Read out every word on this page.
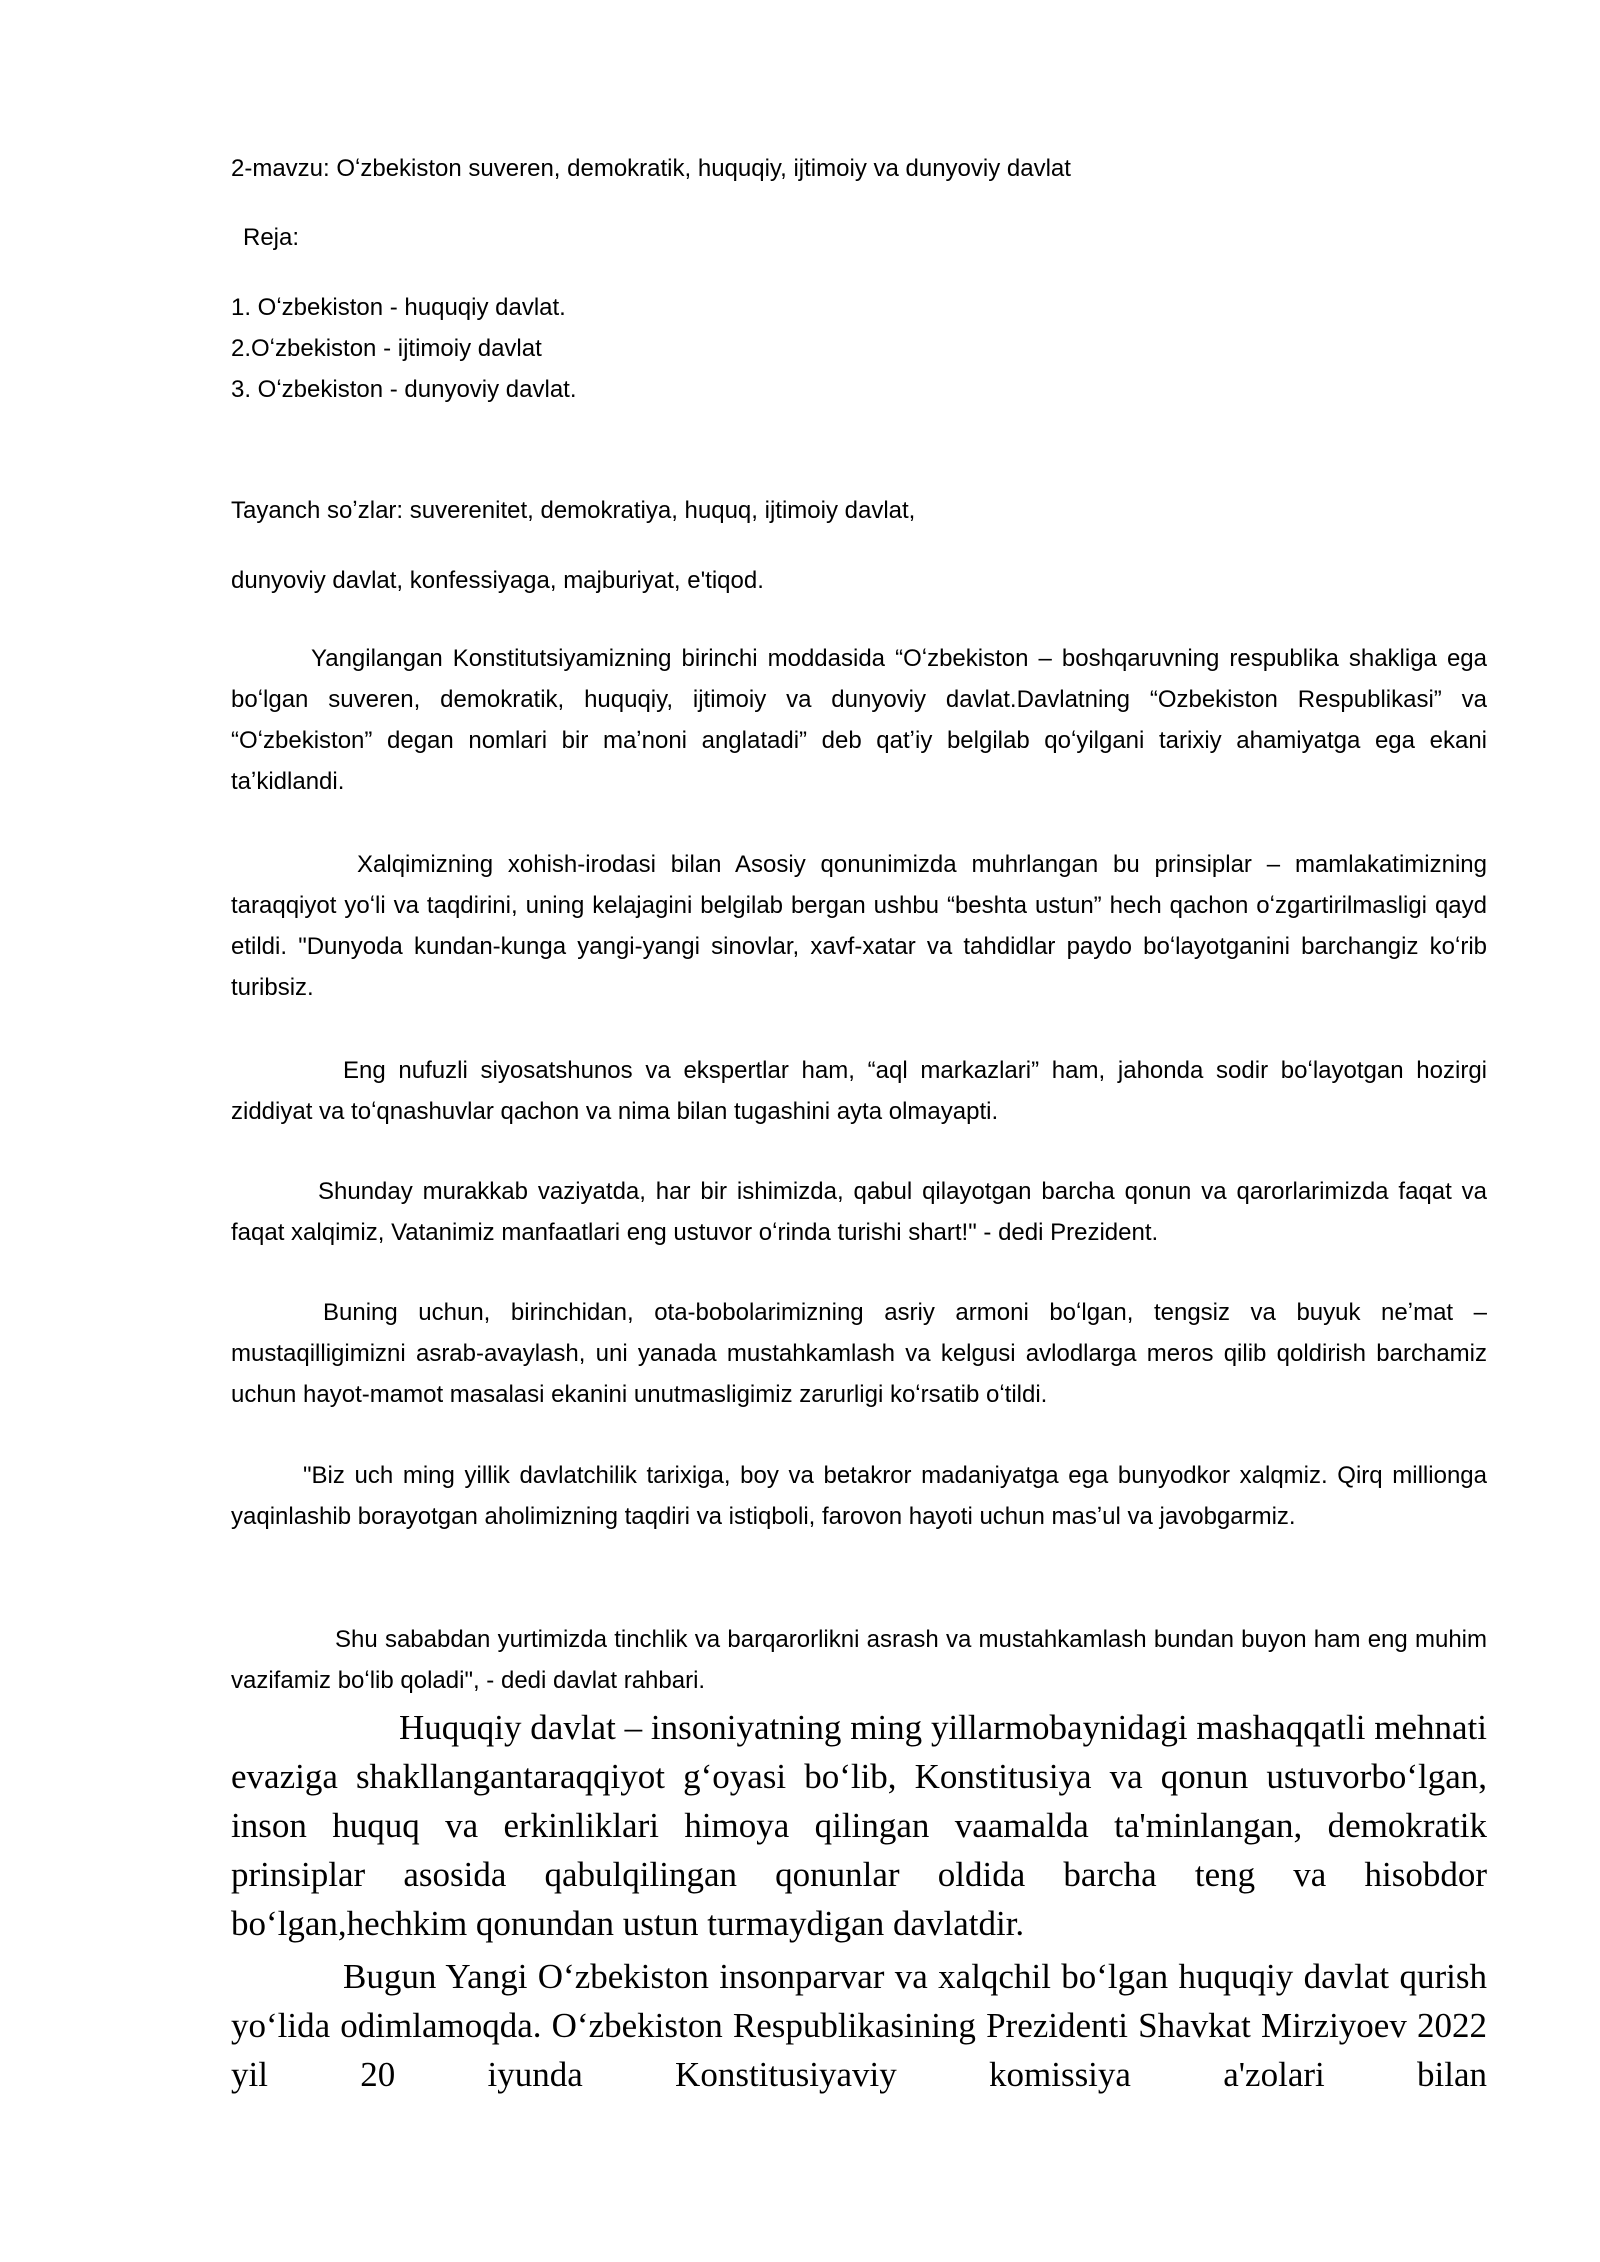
2-mavzu: Oʻzbekiston suveren, demokratik, huquqiy, ijtimoiy va dunyoviy davlat

Reja:

1. Oʻzbekiston - huquqiy davlat.
2.Oʻzbekiston - ijtimoiy davlat
3. Oʻzbekiston - dunyoviy davlat.

Tayanch soʼzlar: suverenitet, demokratiya, huquq, ijtimoiy davlat,

dunyoviy davlat, konfessiyaga, majburiyat, e'tiqod.

Yangilangan Konstitutsiyamizning birinchi moddasida “Oʻzbekiston – boshqaruvning respublika shakliga ega boʻlgan suveren, demokratik, huquqiy, ijtimoiy va dunyoviy davlat.Davlatning “Ozbekiston Respublikasi” va “Oʻzbekiston” degan nomlari bir maʼnoni anglatadi” deb qatʼiy belgilab qoʻyilgani tarixiy ahamiyatga ega ekani taʼkidlandi.

Xalqimizning xohish-irodasi bilan Asosiy qonunimizda muhrlangan bu prinsiplar – mamlakatimizning taraqqiyot yoʻli va taqdirini, uning kelajagini belgilab bergan ushbu “beshta ustun” hech qachon oʻzgartirilmasligi qayd etildi. "Dunyoda kundan-kunga yangi-yangi sinovlar, xavf-xatar va tahdidlar paydo boʻlayotganini barchangiz koʻrib turibsiz.

Eng nufuzli siyosatshunos va ekspertlar ham, “aql markazlari” ham, jahonda sodir boʻlayotgan hozirgi ziddiyat va toʻqnashuvlar qachon va nima bilan tugashini ayta olmayapti.

Shunday murakkab vaziyatda, har bir ishimizda, qabul qilayotgan barcha qonun va qarorlarimizda faqat va faqat xalqimiz, Vatanimiz manfaatlari eng ustuvor oʻrinda turishi shart!" - dedi Prezident.

Buning uchun, birinchidan, ota-bobolarimizning asriy armoni boʻlgan, tengsiz va buyuk neʼmat – mustaqilligimizni asrab-avaylash, uni yanada mustahkamlash va kelgusi avlodlarga meros qilib qoldirish barchamiz uchun hayot-mamot masalasi ekanini unutmasligimiz zarurligi koʻrsatib oʻtildi.

"Biz uch ming yillik davlatchilik tarixiga, boy va betakror madaniyatga ega bunyodkor xalqmiz. Qirq millionga yaqinlashib borayotgan aholimizning taqdiri va istiqboli, farovon hayoti uchun masʼul va javobgarmiz.

Shu sababdan yurtimizda tinchlik va barqarorlikni asrash va mustahkamlash bundan buyon ham eng muhim vazifamiz boʻlib qoladi", - dedi davlat rahbari.

Huquqiy davlat – insoniyatning ming yillarmobaynidagi mashaqqatli mehnati evaziga shakllangantaraqqiyot gʻoyasi boʻlib, Konstitusiya va qonun ustuvorboʻlgan, inson huquq va erkinliklari himoya qilingan vaamalda ta'minlangan, demokratik prinsiplar asosida qabulqilingan qonunlar oldida barcha teng va hisobdor boʻlgan,hechkim qonundan ustun turmaydigan davlatdir.

Bugun Yangi Oʻzbekiston insonparvar va xalqchil boʻlgan huquqiy davlat qurish yoʻlida odimlamoqda. Oʻzbekiston Respublikasining Prezidenti Shavkat Mirziyoev 2022 yil 20 iyunda Konstitusiyaviy komissiya a'zolari bilan
